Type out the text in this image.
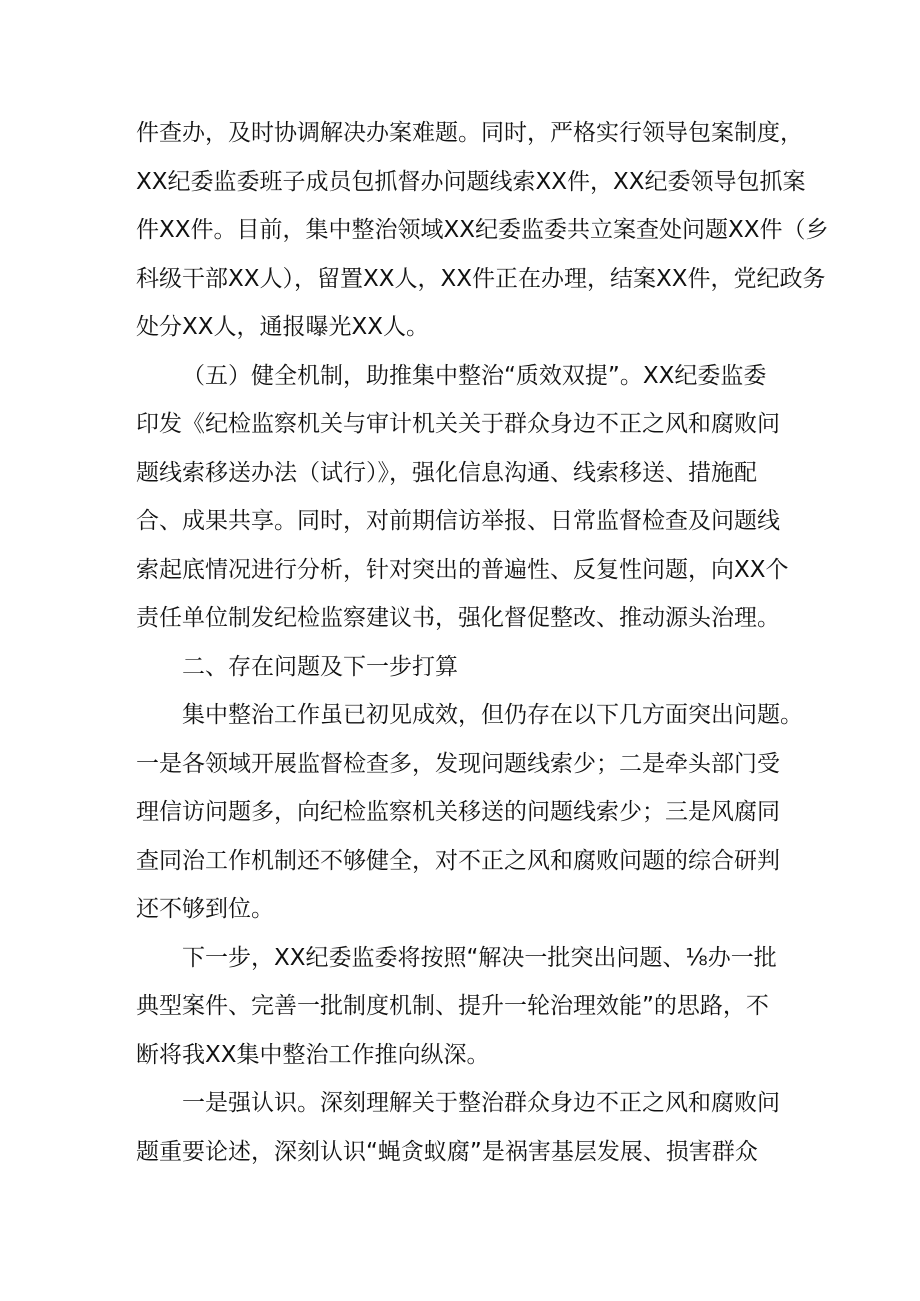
件查办，及时协调解决办案难题。同时，严格实行领导包案制度，
XX纪委监委班子成员包抓督办问题线索XX件，XX纪委领导包抓案
件XX件。目前，集中整治领域XX纪委监委共立案查处问题XX件（乡
科级干部XX人），留置XX人，XX件正在办理，结案XX件，党纪政务
处分XX人，通报曝光XX人。
（五）健全机制，助推集中整治“质效双提”。XX纪委监委
印发《纪检监察机关与审计机关关于群众身边不正之风和腐败问
题线索移送办法（试行）》，强化信息沟通、线索移送、措施配
合、成果共享。同时，对前期信访举报、日常监督检查及问题线
索起底情况进行分析，针对突出的普遍性、反复性问题，向XX个
责任单位制发纪检监察建议书，强化督促整改、推动源头治理。
二、存在问题及下一步打算
集中整治工作虽已初见成效，但仍存在以下几方面突出问题。
一是各领域开展监督检查多，发现问题线索少；二是牵头部门受
理信访问题多，向纪检监察机关移送的问题线索少；三是风腐同
查同治工作机制还不够健全，对不正之风和腐败问题的综合研判
还不够到位。
下一步，XX纪委监委将按照“解决一批突出问题、⅛办一批
典型案件、完善一批制度机制、提升一轮治理效能”的思路，不
断将我XX集中整治工作推向纵深。
一是强认识。深刻理解关于整治群众身边不正之风和腐败问
题重要论述，深刻认识“蝇贪蚁腐”是祸害基层发展、损害群众
